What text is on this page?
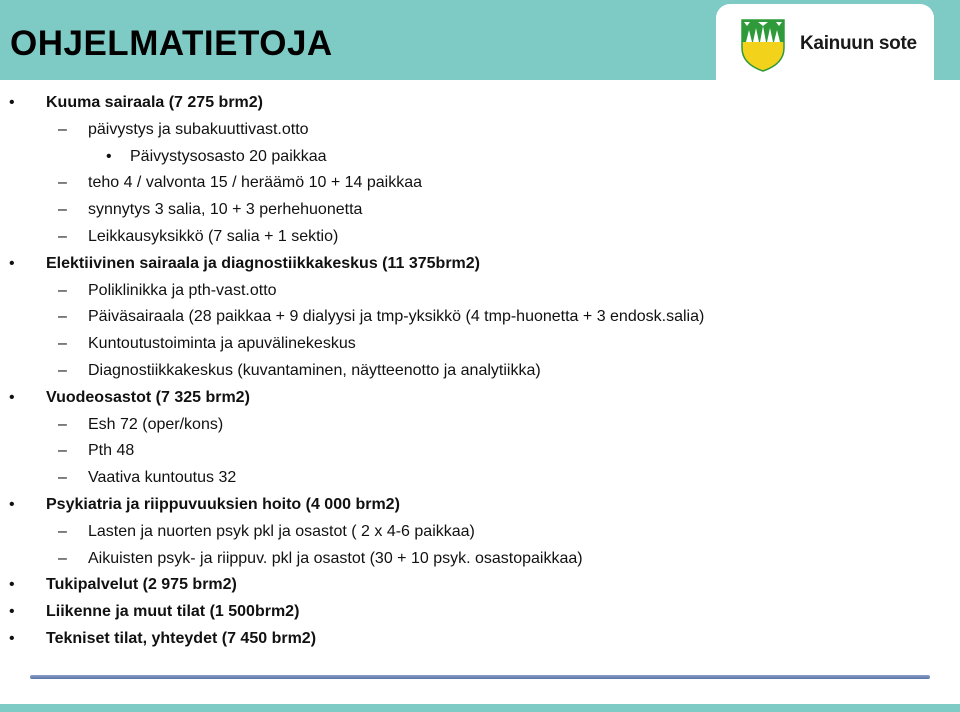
OHJELMATIETOJA	Kainuun sote
• Kuuma sairaala (7 275 brm2)
– päivystys ja subakuuttivast.otto
• Päivystysosasto 20 paikkaa
– teho 4 / valvonta 15 / heräämö 10 + 14 paikkaa
– synnytys 3 salia, 10 + 3 perhehuonetta
– Leikkausyksikkö (7 salia + 1 sektio)
• Elektiivinen sairaala ja diagnostiikkakeskus (11 375brm2)
– Poliklinikka ja pth-vast.otto
– Päiväsairaala (28 paikkaa + 9 dialyysi ja tmp-yksikkö (4 tmp-huonetta + 3 endosk.salia)
– Kuntoutustoiminta ja apuvälinekeskus
– Diagnostiikkakeskus (kuvantaminen, näytteenotto ja analytiikka)
• Vuodeosastot (7 325 brm2)
– Esh 72 (oper/kons)
– Pth 48
– Vaativa kuntoutus 32
• Psykiatria ja riippuvuuksien hoito (4 000 brm2)
– Lasten ja nuorten psyk pkl ja osastot ( 2 x 4-6 paikkaa)
– Aikuisten psyk- ja riippuv. pkl ja osastot (30 + 10 psyk. osastopaikkaa)
• Tukipalvelut (2 975 brm2)
• Liikenne ja muut tilat (1 500brm2)
• Tekniset tilat, yhteydet (7 450 brm2)
